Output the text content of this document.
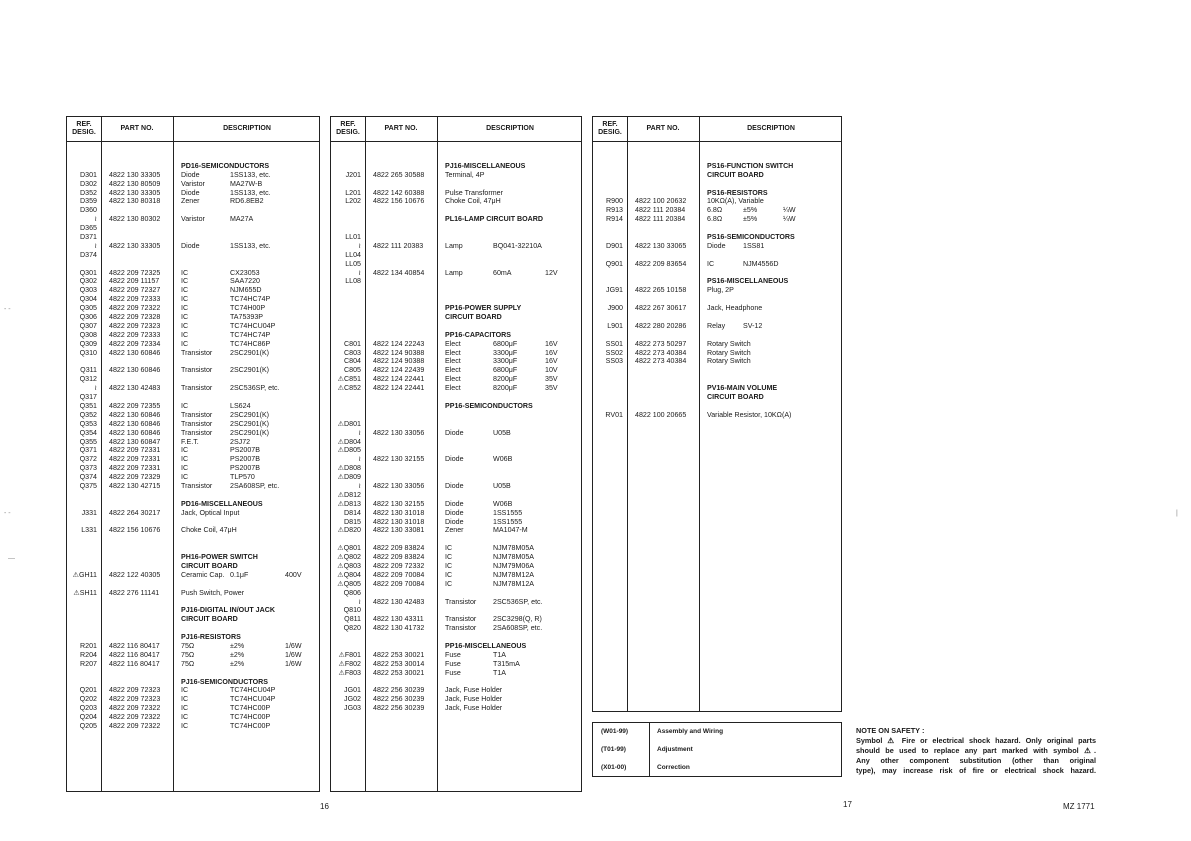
REF. DESIG.
PART NO.	DESCRIPTION
PD16-SEMICONDUCTORS
D301 4822 130 33305	Diode	1SS133, etc.
D302 4822 130 80509	Varistor	MA27W-B
D352 4822 130 33305	Diode	1SS133, etc.
D359 4822 130 80318	Zener	RD6.8EB2
D360
≀ 4822 130 80302	Varistor	MA27A
D365
D371
≀ 4822 130 33305	Diode	1SS133, etc.
D374
Q301 4822 209 72325	IC	CX23053
Q302 4822 209 11157	IC	SAA7220
Q303 4822 209 72327	IC	NJM655D
Q304 4822 209 72333	IC	TC74HC74P
Q305 4822 209 72322	IC	TC74H00P
Q306 4822 209 72328	IC	TA75393P
Q307 4822 209 72323	IC	TC74HCU04P
Q308 4822 209 72333	IC	TC74HC74P
Q309 4822 209 72334	IC	TC74HC86P
Q310 4822 130 60846	Transistor 2SC2901(K)
Q311 4822 130 60846	Transistor 2SC2901(K)
Q312
≀ 4822 130 42483	Transistor 2SC536SP, etc.
Q317
Q351 4822 209 72355	IC	LS624
Q352 4822 130 60846	Transistor 2SC2901(K)
Q353 4822 130 60846	Transistor 2SC2901(K)
Q354 4822 130 60846	Transistor 2SC2901(K)
Q355 4822 130 60847	F.E.T.	2SJ72
Q371 4822 209 72331	IC	PS2007B
Q372 4822 209 72331	IC	PS2007B
Q373 4822 209 72331	IC	PS2007B
Q374 4822 209 72329	IC	TLP570
Q375 4822 130 42715	Transistor 2SA608SP, etc.
PD16-MISCELLANEOUS
J331 4822 264 30217	Jack, Optical Input
L331 4822 156 10676	Choke Coil, 47μH
PH16-POWER SWITCH
CIRCUIT BOARD
⚠GH11 4822 122 40305	Ceramic Cap. 0.1μF	400V
⚠SH11 4822 276 11141	Push Switch, Power
PJ16-DIGITAL IN/OUT JACK
CIRCUIT BOARD
PJ16-RESISTORS
R201 4822 116 80417	75Ω	±2%	1/6W
R204 4822 116 80417	75Ω	±2%	1/6W
R207 4822 116 80417	75Ω	±2%	1/6W
PJ16-SEMICONDUCTORS
Q201 4822 209 72323	IC	TC74HCU04P
Q202 4822 209 72323	IC	TC74HCU04P
Q203 4822 209 72322	IC	TC74HC00P
Q204 4822 209 72322	IC	TC74HC00P
Q205 4822 209 72322	IC	TC74HC00P
REF. DESIG.
PART NO.	DESCRIPTION
PJ16-MISCELLANEOUS
J201 4822 265 30588	Terminal, 4P
L201 4822 142 60388	Pulse Transformer
L202 4822 156 10676	Choke Coil, 47μH
PL16-LAMP CIRCUIT BOARD
LL01
≀ 4822 111 20383	Lamp	BQ041-32210A
LL04
LL05
≀ 4822 134 40854	Lamp	60mA	12V
LL08
PP16-POWER SUPPLY
CIRCUIT BOARD
PP16-CAPACITORS
C801 4822 124 22243	Elect	6800μF	16V
C803 4822 124 90388	Elect	3300μF	16V
C804 4822 124 90388	Elect	3300μF	16V
C805 4822 124 22439	Elect	6800μF	10V
⚠C851 4822 124 22441	Elect	8200μF	35V
⚠C852 4822 124 22441	Elect	8200μF	35V
PP16-SEMICONDUCTORS
⚠D801
≀ 4822 130 33056	Diode	U05B
⚠D804
⚠D805
≀ 4822 130 32155	Diode	W06B
⚠D808
⚠D809
≀ 4822 130 33056	Diode	U05B
⚠D812
⚠D813 4822 130 32155	Diode	W06B
D814 4822 130 31018	Diode	1SS1555
D815 4822 130 31018	Diode	1SS1555
⚠D820 4822 130 33081	Zener	MA1047-M
⚠Q801 4822 209 83824	IC	NJM78M05A
⚠Q802 4822 209 83824	IC	NJM78M05A
⚠Q803 4822 209 72332	IC	NJM79M06A
⚠Q804 4822 209 70084	IC	NJM78M12A
⚠Q805 4822 209 70084	IC	NJM78M12A
Q806
≀ 4822 130 42483	Transistor 2SC536SP, etc.
Q810
Q811 4822 130 43311	Transistor 2SC3298(Q, R)
Q820 4822 130 41732	Transistor 2SA608SP, etc.
PP16-MISCELLANEOUS
⚠F801 4822 253 30021	Fuse	T1A
⚠F802 4822 253 30014	Fuse	T315mA
⚠F803 4822 253 30021	Fuse	T1A
JG01 4822 256 30239	Jack, Fuse Holder
JG02 4822 256 30239	Jack, Fuse Holder
JG03 4822 256 30239	Jack, Fuse Holder
REF. DESIG.
PART NO.	DESCRIPTION
PS16-FUNCTION SWITCH
CIRCUIT BOARD
PS16-RESISTORS
R900 4822 100 20632	10KΩ(A), Variable
R913 4822 111 20384	6.8Ω	±5%	¼W
R914 4822 111 20384	6.8Ω	±5%	¼W
PS16-SEMICONDUCTORS
D901 4822 130 33065	Diode 1SS81
Q901 4822 209 83654	IC	NJM4556D
PS16-MISCELLANEOUS
JG91 4822 265 10158	Plug, 2P
J900 4822 267 30617	Jack, Headphone
L901 4822 280 20286	Relay	SV-12
SS01 4822 273 50297	Rotary Switch
SS02 4822 273 40384	Rotary Switch
SS03 4822 273 40384	Rotary Switch
PV16-MAIN VOLUME
CIRCUIT BOARD
RV01 4822 100 20665	Variable Resistor, 10KΩ(A)
(W01-99)	Assembly and Wiring
(T01-99)	Adjustment
(X01-00)	Correction
NOTE ON SAFETY :
Symbol ⚠ Fire or electrical shock hazard. Only original parts
should be used to replace any part marked with symbol ⚠.
Any other component substitution (other than original
type), may increase risk of fire or electrical shock hazard.
16	17	MZ 1771
- -
- -
—
|
